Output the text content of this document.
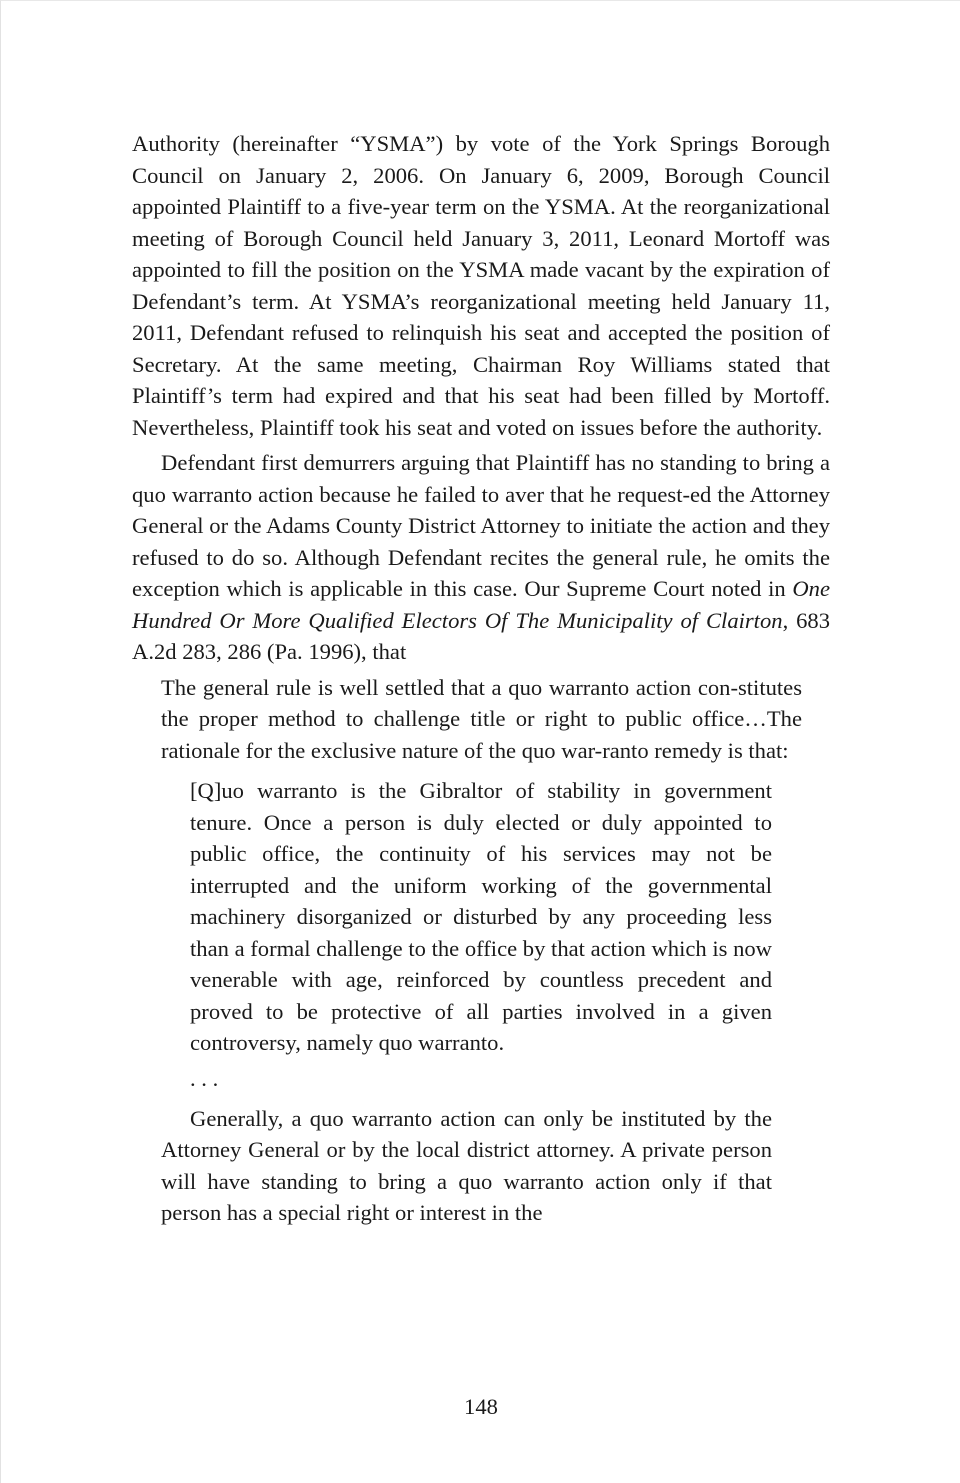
Authority (hereinafter “YSMA”) by vote of the York Springs Borough Council on January 2, 2006. On January 6, 2009, Borough Council appointed Plaintiff to a five-year term on the YSMA. At the reorganizational meeting of Borough Council held January 3, 2011, Leonard Mortoff was appointed to fill the position on the YSMA made vacant by the expiration of Defendant’s term. At YSMA’s reorganizational meeting held January 11, 2011, Defendant refused to relinquish his seat and accepted the position of Secretary. At the same meeting, Chairman Roy Williams stated that Plaintiff’s term had expired and that his seat had been filled by Mortoff. Nevertheless, Plaintiff took his seat and voted on issues before the authority.

Defendant first demurrers arguing that Plaintiff has no standing to bring a quo warranto action because he failed to aver that he request-ed the Attorney General or the Adams County District Attorney to initiate the action and they refused to do so. Although Defendant recites the general rule, he omits the exception which is applicable in this case. Our Supreme Court noted in One Hundred Or More Qualified Electors Of The Municipality of Clairton, 683 A.2d 283, 286 (Pa. 1996), that

The general rule is well settled that a quo warranto action con-stitutes the proper method to challenge title or right to public office…The rationale for the exclusive nature of the quo war-ranto remedy is that:

[Q]uo warranto is the Gibraltor of stability in government tenure. Once a person is duly elected or duly appointed to public office, the continuity of his services may not be interrupted and the uniform working of the governmental machinery disorganized or disturbed by any proceeding less than a formal challenge to the office by that action which is now venerable with age, reinforced by countless precedent and proved to be protective of all parties involved in a given controversy, namely quo warranto.

. . .

Generally, a quo warranto action can only be instituted by the Attorney General or by the local district attorney. A private person will have standing to bring a quo warranto action only if that person has a special right or interest in the

148
